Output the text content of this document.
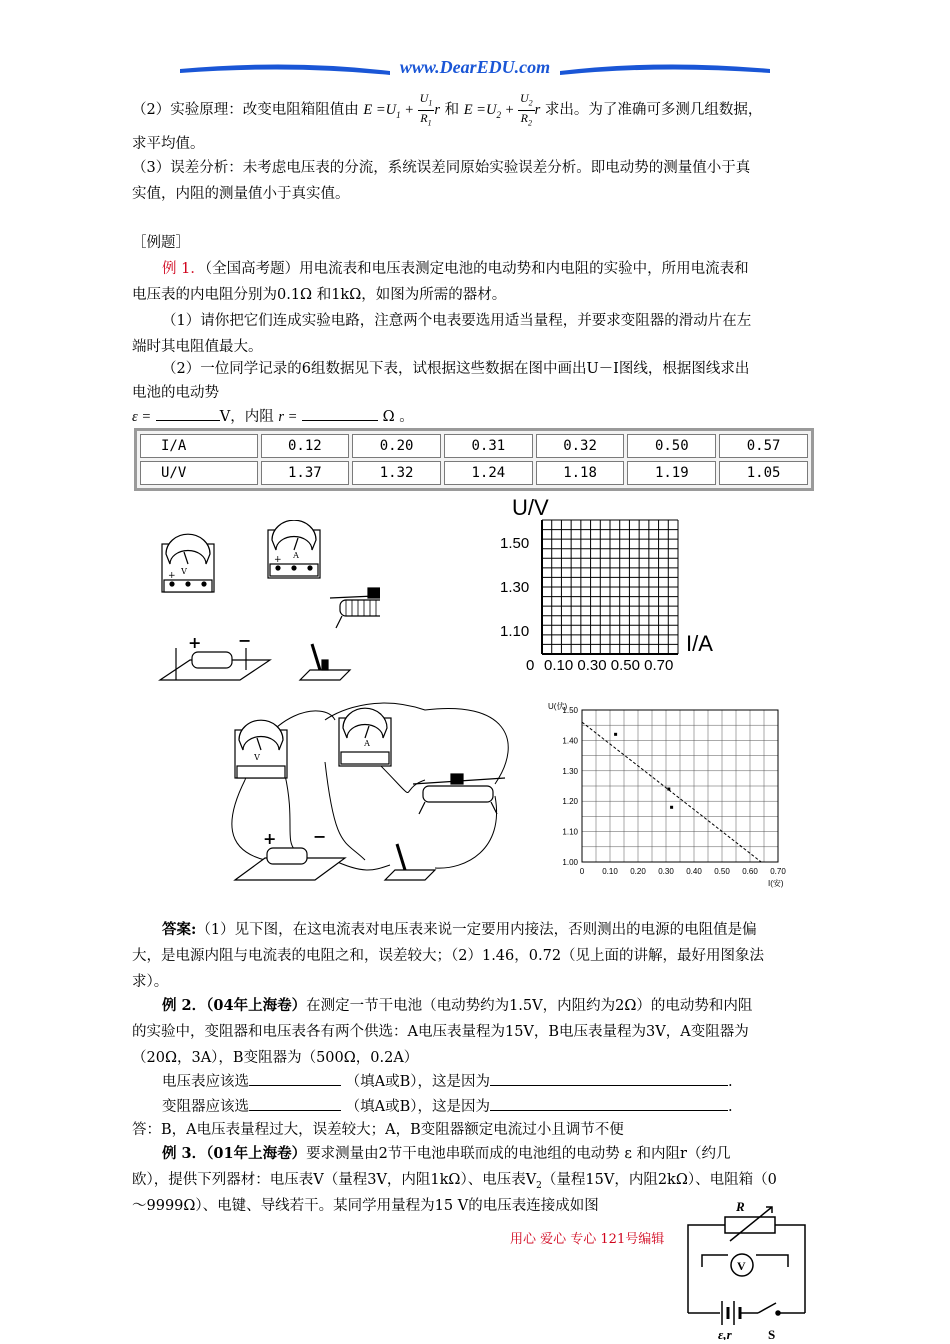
www.DearEDU.com
（2）实验原理：改变电阻箱阻值由 $E =U_1 + \frac{U_1}{R_1}$ r 和 $E =U_2 + \frac{U_2}{R_2}$ r 求出。为了准确可多测几组数据，
求平均值。
（3）误差分析：未考虑电压表的分流，系统误差同原始实验误差分析。即电动势的测量值小于真
实值，内阻的测量值小于真实值。
［例题］
例 1．（全国高考题）用电流表和电压表测定电池的电动势和内电阻的实验中，所用电流表和
电压表的内电阻分别为0.1Ω 和1kΩ，如图为所需的器材。
（1）请你把它们连成实验电路，注意两个电表要选用适当量程，并要求变阻器的滑动片在左
端时其电阻值最大。
（2）一位同学记录的6组数据见下表，试根据这些数据在图中画出U－I图线，根据图线求出
电池的电动势
ε =	V，内阻 r =	Ω 。
I/A	0.12	0.20	0.31	0.32	0.50	0.57
U/V	1.37	1.32	1.24	1.18	1.19	1.05
V
+
A
+
+ −
U/V
1.50
1.30
1.10
0 0.10 0.30 0.50 0.70
I/A
V
A
+ −
0 0.10 0.20 0.30 0.40 0.50 0.60 0.70
1.00
1.10
1.20
1.30
1.40
1.50
U(伏)
I(安)
答案:（1）见下图，在这电流表对电压表来说一定要用内接法，否则测出的电源的电阻值是偏
大，是电源内阻与电流表的电阻之和，误差较大；（2）1.46，0.72（见上面的讲解，最好用图象法
求）。
例 2．（04年上海卷）在测定一节干电池（电动势约为1.5V，内阻约为2Ω）的电动势和内阻
的实验中，变阻器和电压表各有两个供选：A电压表量程为15V，B电压表量程为3V，A变阻器为
（20Ω，3A），B变阻器为（500Ω，0.2A）
电压表应该选	（填A或B），这是因为	.
变阻器应该选	（填A或B），这是因为	.
答：B，A电压表量程过大，误差较大；A，B变阻器额定电流过小且调节不便
例 3．（01年上海卷）要求测量由2节干电池串联而成的电池组的电动势 ε 和内阻r（约几
欧），提供下列器材：电压表V（量程3V，内阻1kΩ）、电压表$V_2$（量程15V，内阻2kΩ）、电阻箱（0
～9999Ω）、电键、导线若干。某同学用量程为15 V的电压表连接成如图
用心 爱心 专心 121号编辑
R
V
ε,r	S
